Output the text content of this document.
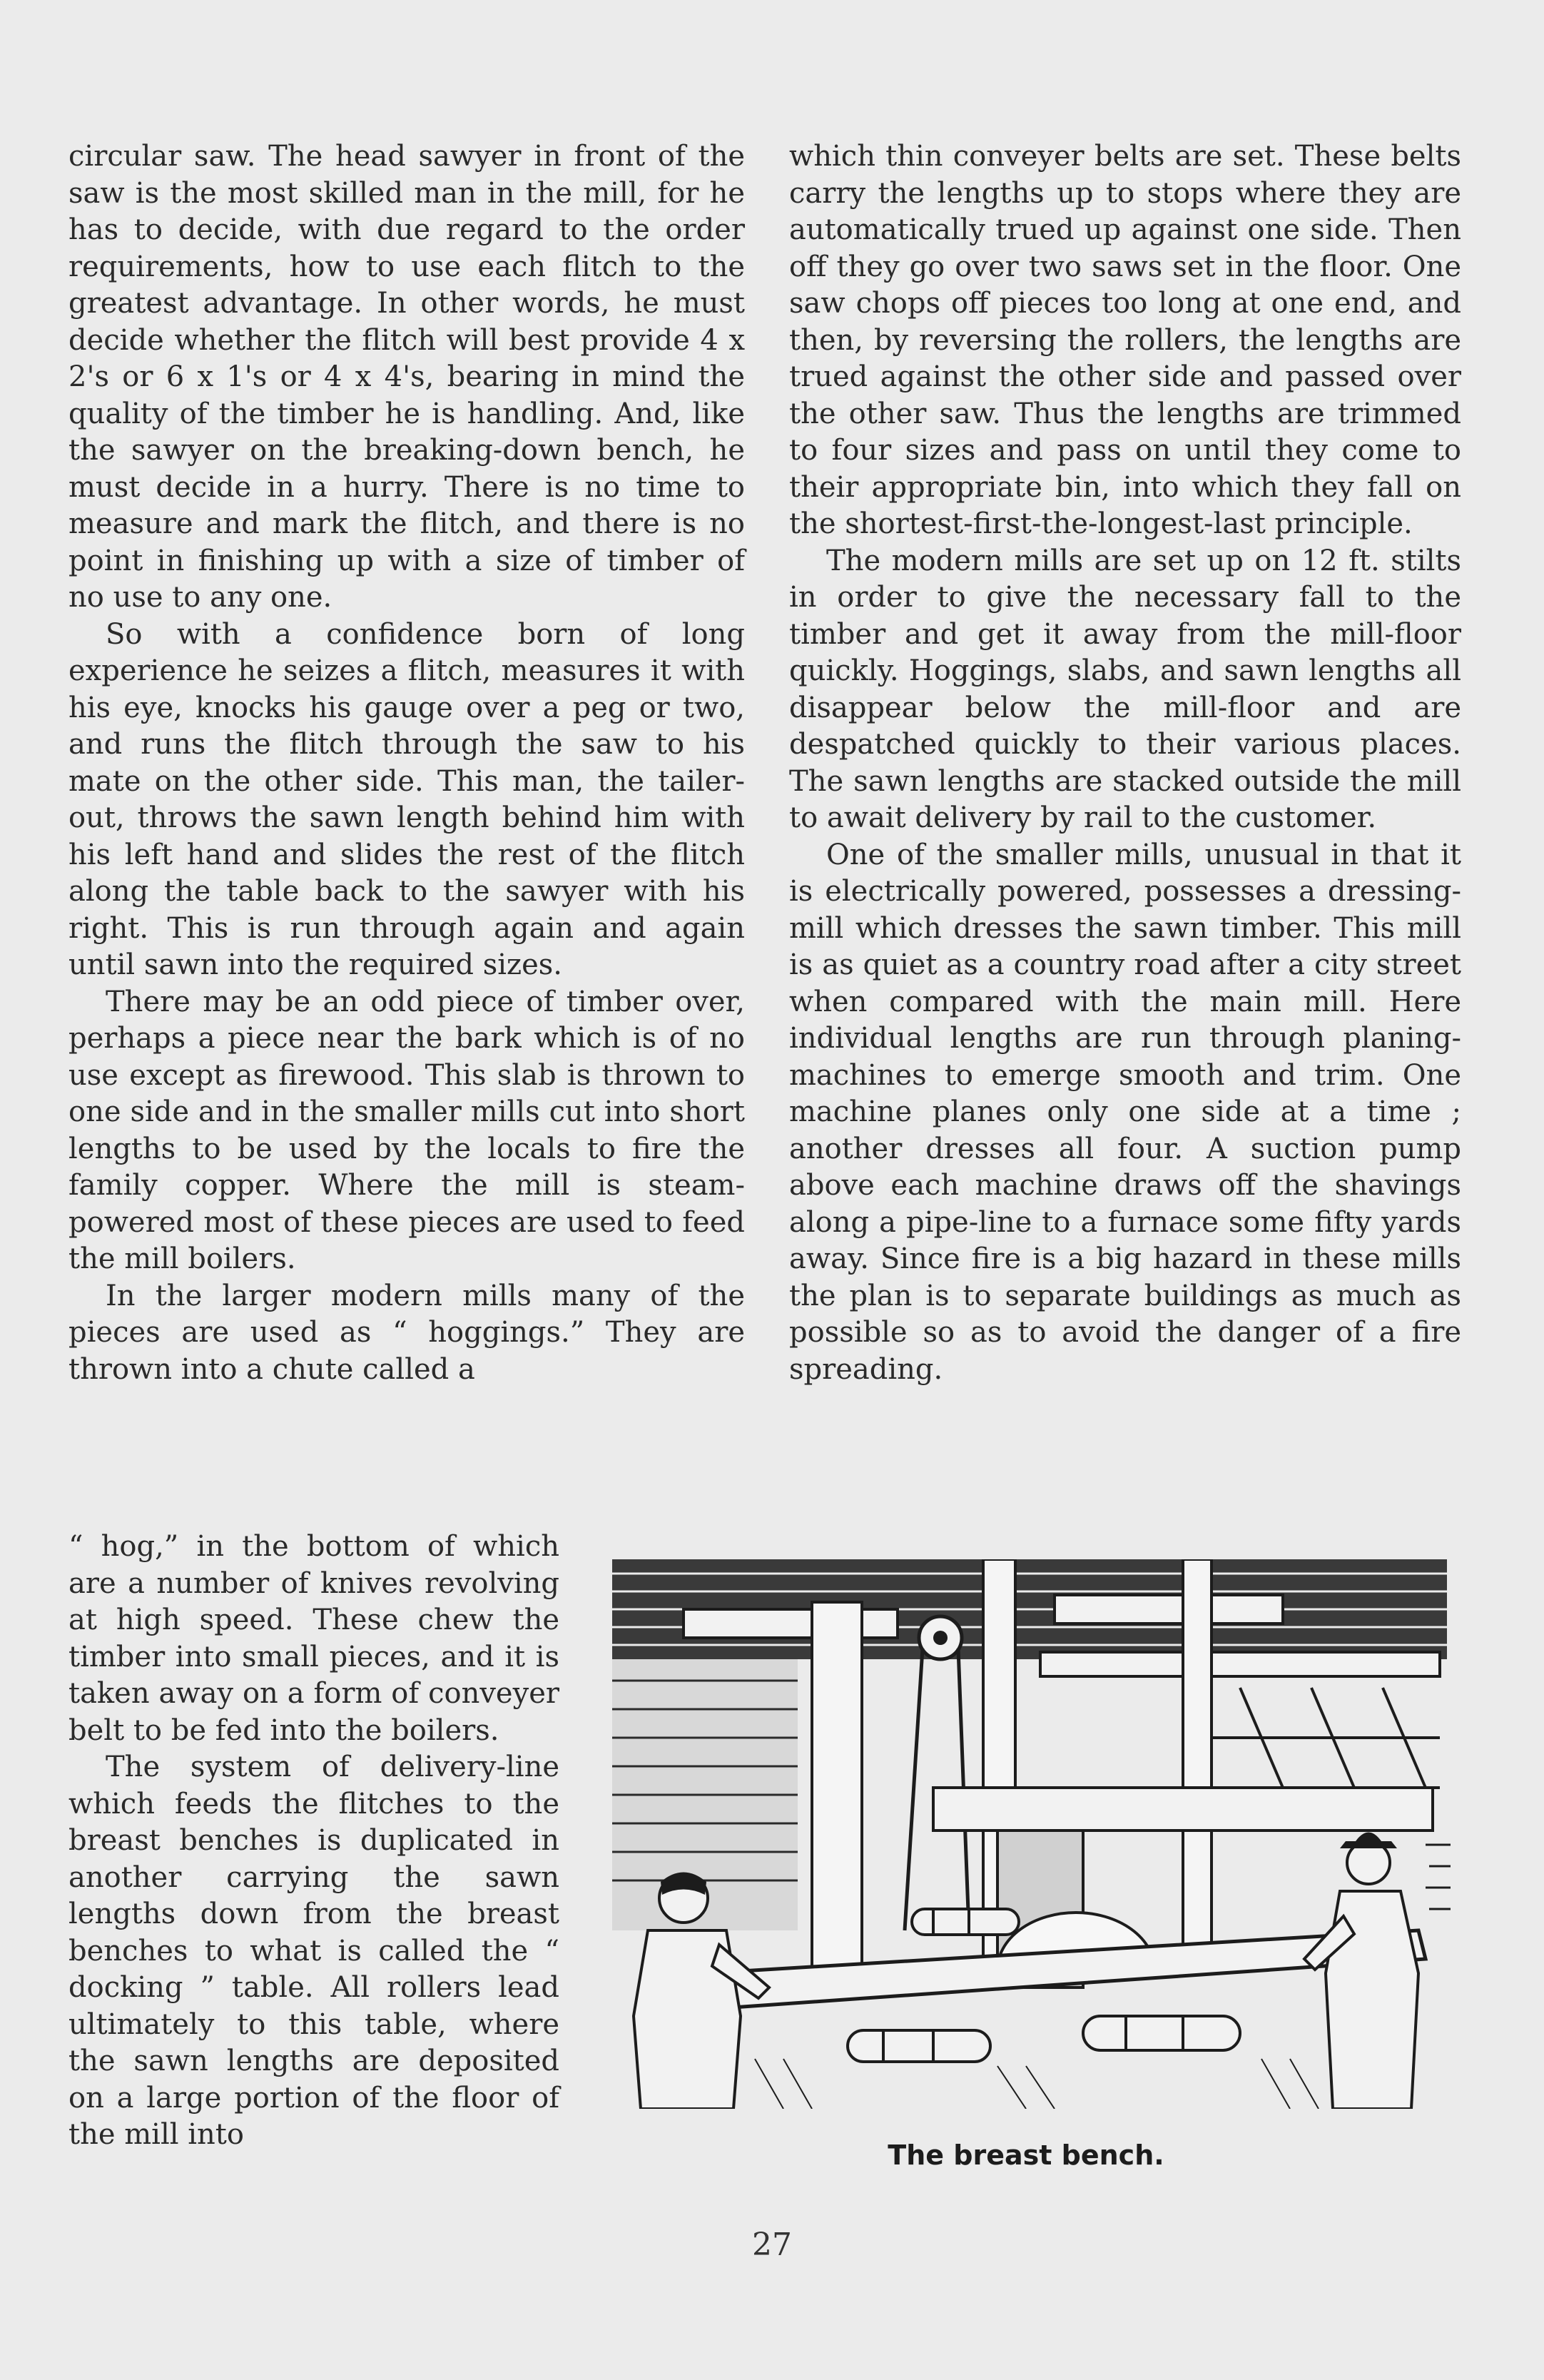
circular saw. The head sawyer in front of the saw is the most skilled man in the mill, for he has to decide, with due regard to the order requirements, how to use each flitch to the greatest advantage. In other words, he must decide whether the flitch will best provide 4 x 2's or 6 x 1's or 4 x 4's, bearing in mind the quality of the timber he is handling. And, like the sawyer on the breaking-down bench, he must decide in a hurry. There is no time to measure and mark the flitch, and there is no point in finishing up with a size of timber of no use to any one.

So with a confidence born of long experience he seizes a flitch, measures it with his eye, knocks his gauge over a peg or two, and runs the flitch through the saw to his mate on the other side. This man, the tailer-out, throws the sawn length behind him with his left hand and slides the rest of the flitch along the table back to the sawyer with his right. This is run through again and again until sawn into the required sizes.

There may be an odd piece of timber over, perhaps a piece near the bark which is of no use except as firewood. This slab is thrown to one side and in the smaller mills cut into short lengths to be used by the locals to fire the family copper. Where the mill is steam-powered most of these pieces are used to feed the mill boilers.

In the larger modern mills many of the pieces are used as “ hoggings.” They are thrown into a chute called a

“ hog,” in the bottom of which are a number of knives revolving at high speed. These chew the timber into small pieces, and it is taken away on a form of conveyer belt to be fed into the boilers.

The system of delivery-line which feeds the flitches to the breast benches is duplicated in another carrying the sawn lengths down from the breast benches to what is called the “ docking ” table. All rollers lead ultimately to this table, where the sawn lengths are deposited on a large portion of the floor of the mill into

which thin conveyer belts are set. These belts carry the lengths up to stops where they are automatically trued up against one side. Then off they go over two saws set in the floor. One saw chops off pieces too long at one end, and then, by reversing the rollers, the lengths are trued against the other side and passed over the other saw. Thus the lengths are trimmed to four sizes and pass on until they come to their appropriate bin, into which they fall on the shortest-first-the-longest-last principle.

The modern mills are set up on 12 ft. stilts in order to give the necessary fall to the timber and get it away from the mill-floor quickly. Hoggings, slabs, and sawn lengths all disappear below the mill-floor and are despatched quickly to their various places. The sawn lengths are stacked outside the mill to await delivery by rail to the customer.

One of the smaller mills, unusual in that it is electrically powered, possesses a dressing-mill which dresses the sawn timber. This mill is as quiet as a country road after a city street when compared with the main mill. Here individual lengths are run through planing-machines to emerge smooth and trim. One machine planes only one side at a time ; another dresses all four. A suction pump above each machine draws off the shavings along a pipe-line to a furnace some fifty yards away. Since fire is a big hazard in these mills the plan is to separate buildings as much as possible so as to avoid the danger of a fire spreading.

The breast bench.
27
